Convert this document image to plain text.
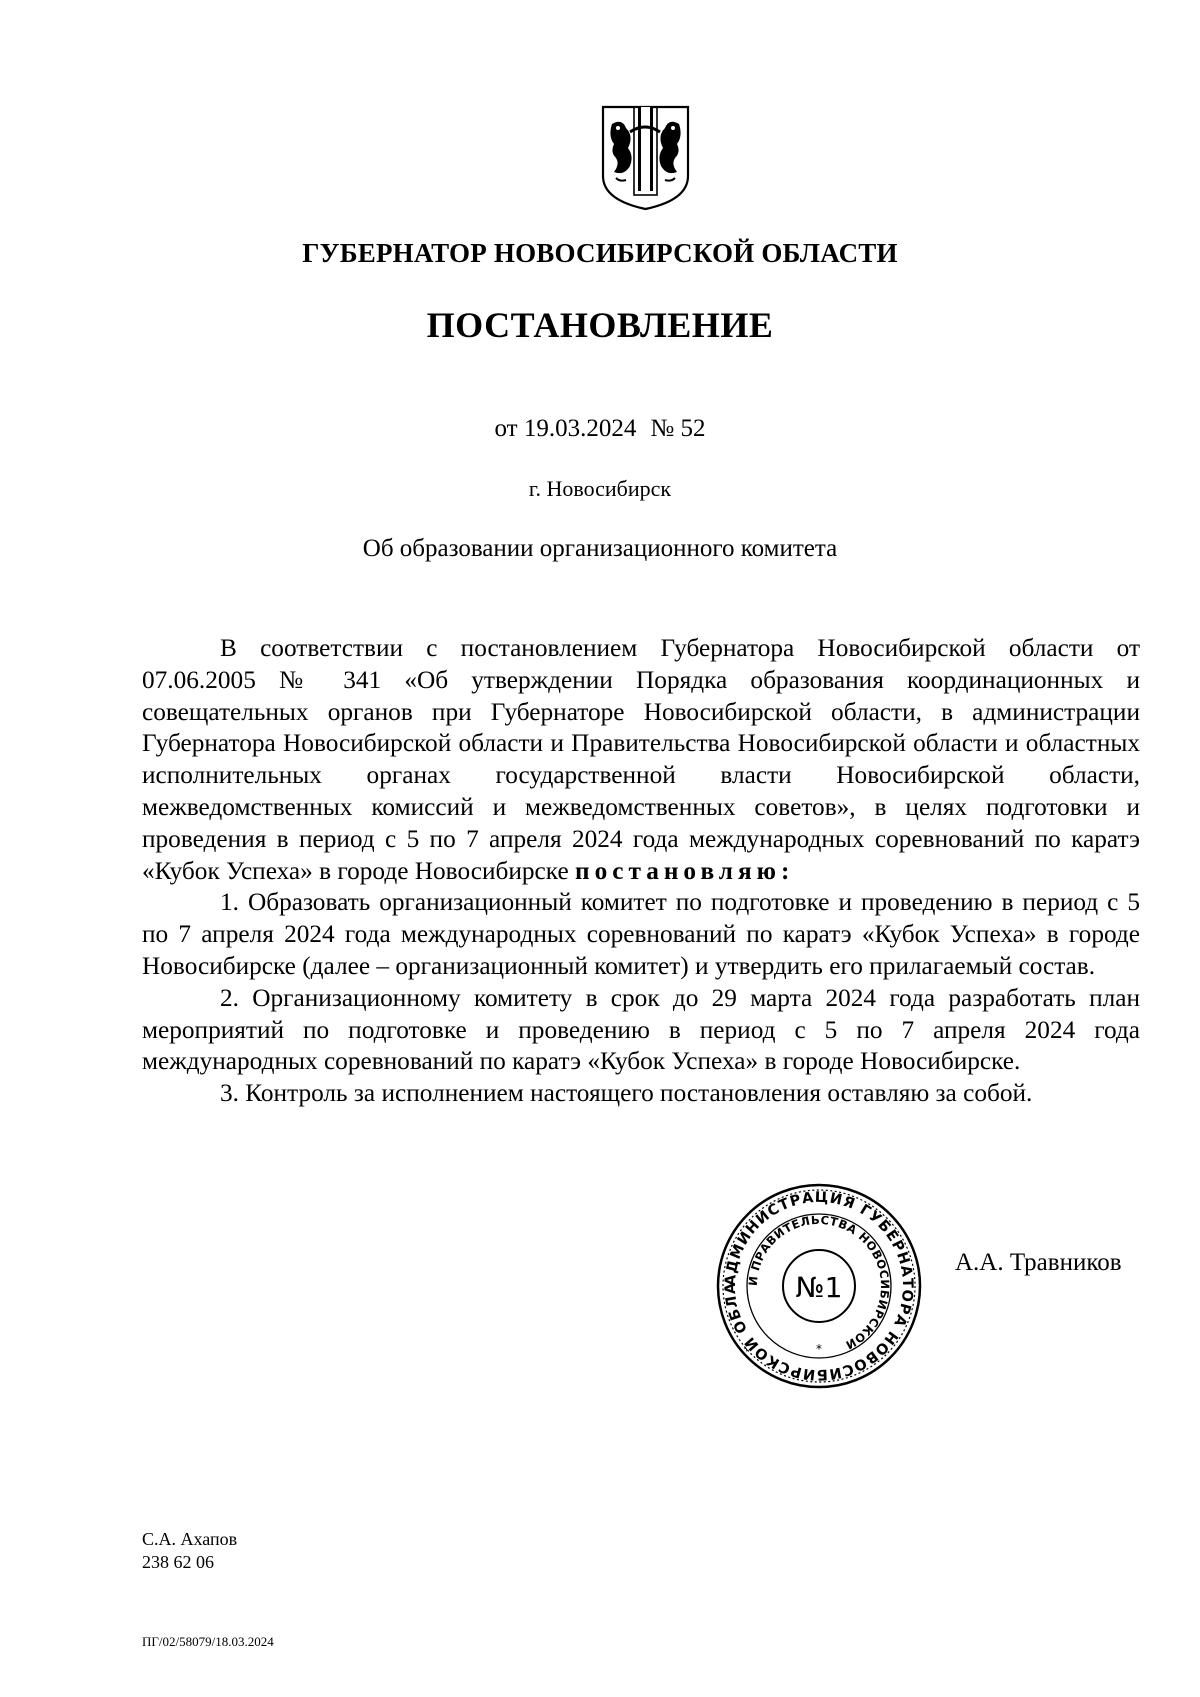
ГУБЕРНАТОР НОВОСИБИРСКОЙ ОБЛАСТИ
ПОСТАНОВЛЕНИЕ
от 19.03.2024 № 52
г. Новосибирск
Об образовании организационного комитета

В соответствии с постановлением Губернатора Новосибирской области от 07.06.2005 № 341 «Об утверждении Порядка образования координационных и совещательных органов при Губернаторе Новосибирской области, в администрации Губернатора Новосибирской области и Правительства Новосибирской области и областных исполнительных органах государственной власти Новосибирской области, межведомственных комиссий и межведомственных советов», в целях подготовки и проведения в период с 5 по 7 апреля 2024 года международных соревнований по каратэ «Кубок Успеха» в городе Новосибирске постановляю:

1. Образовать организационный комитет по подготовке и проведению в период с 5 по 7 апреля 2024 года международных соревнований по каратэ «Кубок Успеха» в городе Новосибирске (далее – организационный комитет) и утвердить его прилагаемый состав.

2. Организационному комитету в срок до 29 марта 2024 года разработать план мероприятий по подготовке и проведению в период с 5 по 7 апреля 2024 года международных соревнований по каратэ «Кубок Успеха» в городе Новосибирске.

3. Контроль за исполнением настоящего постановления оставляю за собой.

АДМИНИСТРАЦИЯ ГУБЕРНАТОРА НОВОСИБИРСКОЙ ОБЛА
И ПРАВИТЕЛЬСТВА НОВОСИБИРСКОЙ
№1
*
А.А. Травников
С.А. Ахапов
238 62 06
ПГ/02/58079/18.03.2024
